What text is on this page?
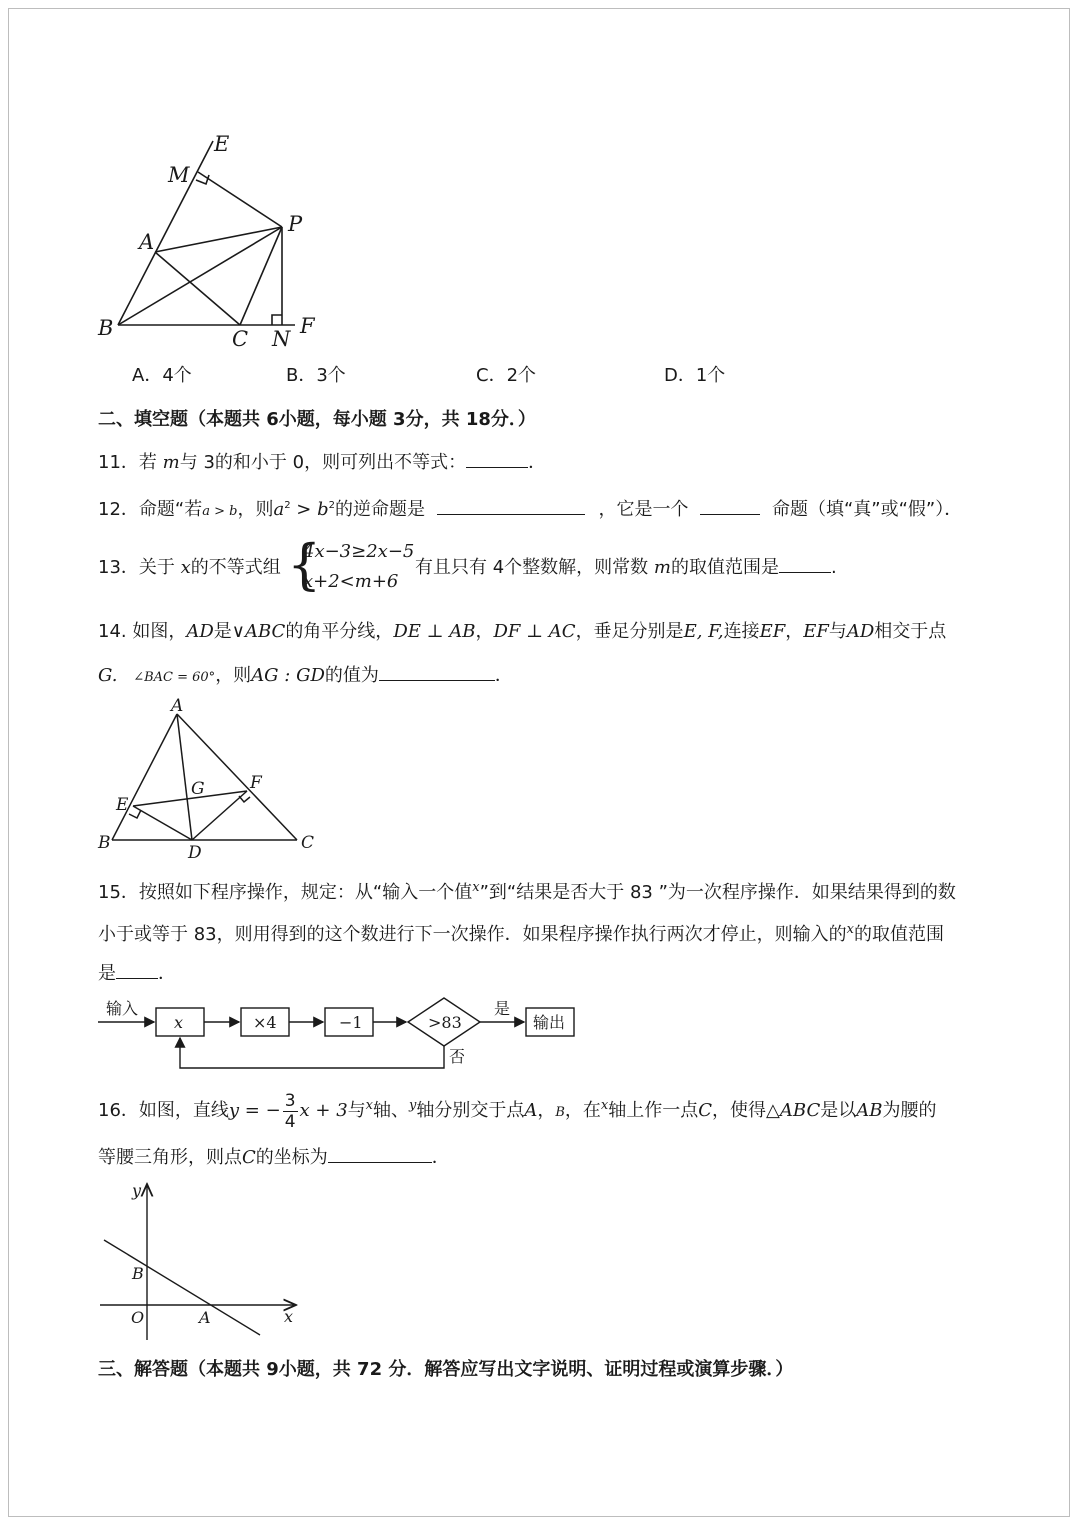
E
M
A
P
B	C N
F
A．4个	B．3个	C．2个	D．1个
二、填空题（本题共 6小题，每小题 3分，共 18分．）
11．若 m与 3的和小于 0，则可列出不等式：	．
12．命题“若a > b，则$a^2 > b^2$的逆命题是	，它是一个	命题（填“真”或“假”）．
13．关于 x的不等式组 {
4x−3≥2x−5
x+2<m+6
有且只有 4个整数解，则常数 m的取值范围是	.
14. 如图，AD是∨ABC的角平分线，DE ⊥ AB，DF ⊥ AC，垂足分别是E, F,连接EF，EF与AD相交于点
G. ∠BAC = 60°，则AG : GD的值为	．
A
E
G	F
B	D	C
15．按照如下程序操作，规定：从“输入一个值$^x$”到“结果是否大于 83 ”为一次程序操作．如果结果得到的数
小于或等于 83，则用得到的这个数进行下一次操作．如果程序操作执行两次才停止，则输入的$^x$的取值范围
是 ．
输入
x	×4	−1	>83
是
输出
否
16．如图，直线y = − $\frac{3}{4}$ x + 3与$^x$轴、$^y$轴分别交于点A，B，在$^x$轴上作一点C，使得△ABC是以AB为腰的
等腰三角形，则点C的坐标为	．
y
B
O	A	x
三、解答题（本题共 9小题，共 72 分．解答应写出文字说明、证明过程或演算步骤．）
